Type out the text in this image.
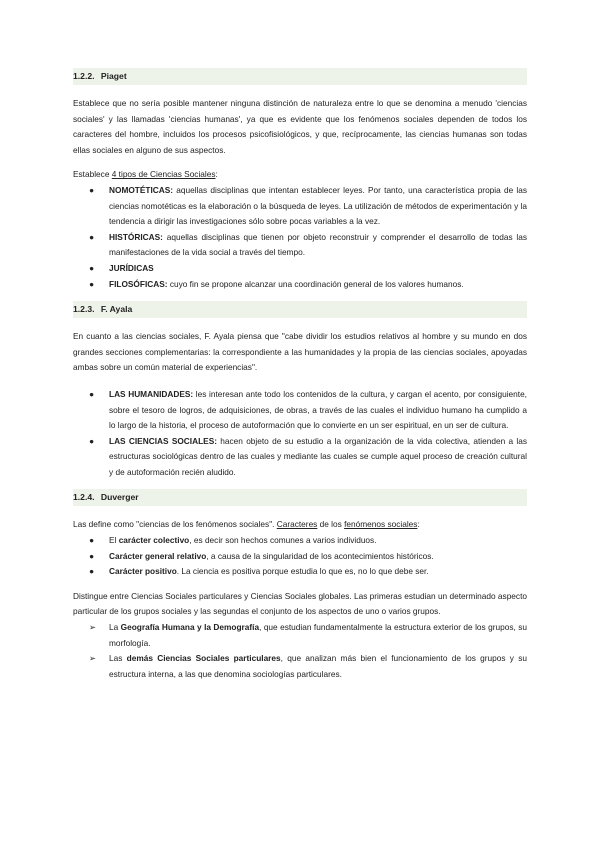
1.2.2. Piaget

Establece que no sería posible mantener ninguna distinción de naturaleza entre lo que se denomina a menudo 'ciencias sociales' y las llamadas 'ciencias humanas', ya que es evidente que los fenómenos sociales dependen de todos los caracteres del hombre, incluidos los procesos psicofisiológicos, y que, recíprocamente, las ciencias humanas son todas ellas sociales en alguno de sus aspectos.

Establece 4 tipos de Ciencias Sociales:

● NOMOTÉTICAS: aquellas disciplinas que intentan establecer leyes. Por tanto, una característica propia de las ciencias nomotéticas es la elaboración o la búsqueda de leyes. La utilización de métodos de experimentación y la tendencia a dirigir las investigaciones sólo sobre pocas variables a la vez.
● HISTÓRICAS: aquellas disciplinas que tienen por objeto reconstruir y comprender el desarrollo de todas las manifestaciones de la vida social a través del tiempo.
● JURÍDICAS
● FILOSÓFICAS: cuyo fin se propone alcanzar una coordinación general de los valores humanos.
1.2.3. F. Ayala

En cuanto a las ciencias sociales, F. Ayala piensa que "cabe dividir los estudios relativos al hombre y su mundo en dos grandes secciones complementarias: la correspondiente a las humanidades y la propia de las ciencias sociales, apoyadas ambas sobre un común material de experiencias".

● LAS HUMANIDADES: les interesan ante todo los contenidos de la cultura, y cargan el acento, por consiguiente, sobre el tesoro de logros, de adquisiciones, de obras, a través de las cuales el individuo humano ha cumplido a lo largo de la historia, el proceso de autoformación que lo convierte en un ser espiritual, en un ser de cultura.
● LAS CIENCIAS SOCIALES: hacen objeto de su estudio a la organización de la vida colectiva, atienden a las estructuras sociológicas dentro de las cuales y mediante las cuales se cumple aquel proceso de creación cultural y de autoformación recién aludido.
1.2.4. Duverger

Las define como "ciencias de los fenómenos sociales". Caracteres de los fenómenos sociales:

● El carácter colectivo, es decir son hechos comunes a varios individuos.
● Carácter general relativo, a causa de la singularidad de los acontecimientos históricos.
● Carácter positivo. La ciencia es positiva porque estudia lo que es, no lo que debe ser.

Distingue entre Ciencias Sociales particulares y Ciencias Sociales globales. Las primeras estudian un determinado aspecto particular de los grupos sociales y las segundas el conjunto de los aspectos de uno o varios grupos.

➢ La Geografía Humana y la Demografía, que estudian fundamentalmente la estructura exterior de los grupos, su morfología.
➢ Las demás Ciencias Sociales particulares, que analizan más bien el funcionamiento de los grupos y su estructura interna, a las que denomina sociologías particulares.
